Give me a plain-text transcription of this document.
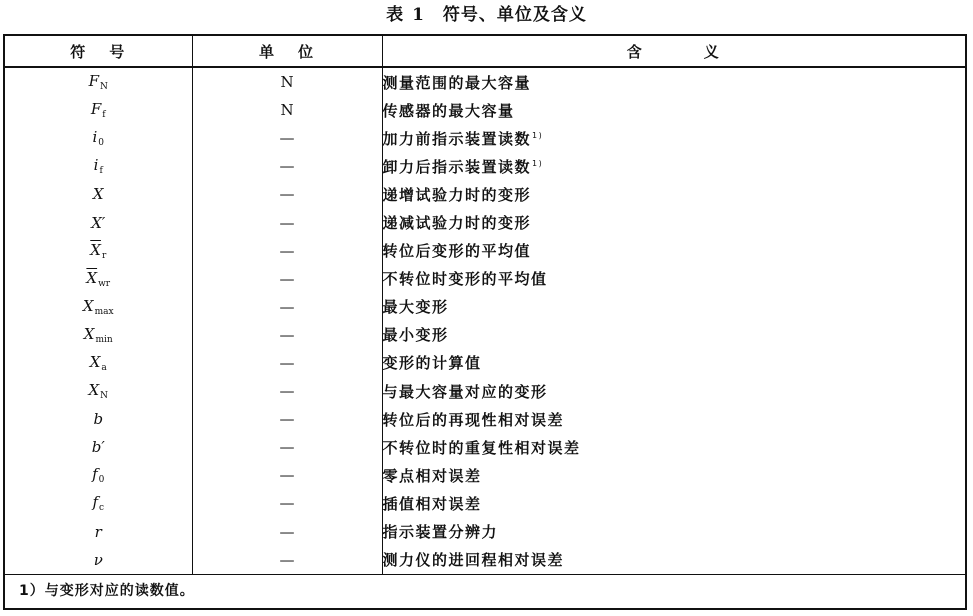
表 1 符号、单位及含义
符 号	单 位	含 义
$F_N$	N	测量范围的最大容量
$F_f$	N	传感器的最大容量
$i_0$	—	加力前指示装置读数$^{1)}$
$i_f$	—	卸力后指示装置读数$^{1)}$
X	—	递增试验力时的变形
X′	—	递减试验力时的变形
$\overline{X}_r$	—	转位后变形的平均值
$\overline{X}_{wr}$	—	不转位时变形的平均值
$X_{max}$	—	最大变形
$X_{min}$	—	最小变形
$X_a$	—	变形的计算值
$X_N$	—	与最大容量对应的变形
b	—	转位后的再现性相对误差
b′	—	不转位时的重复性相对误差
$f_0$	—	零点相对误差
$f_c$	—	插值相对误差
r	—	指示装置分辨力
ν	—	测力仪的进回程相对误差
1）与变形对应的读数值。
